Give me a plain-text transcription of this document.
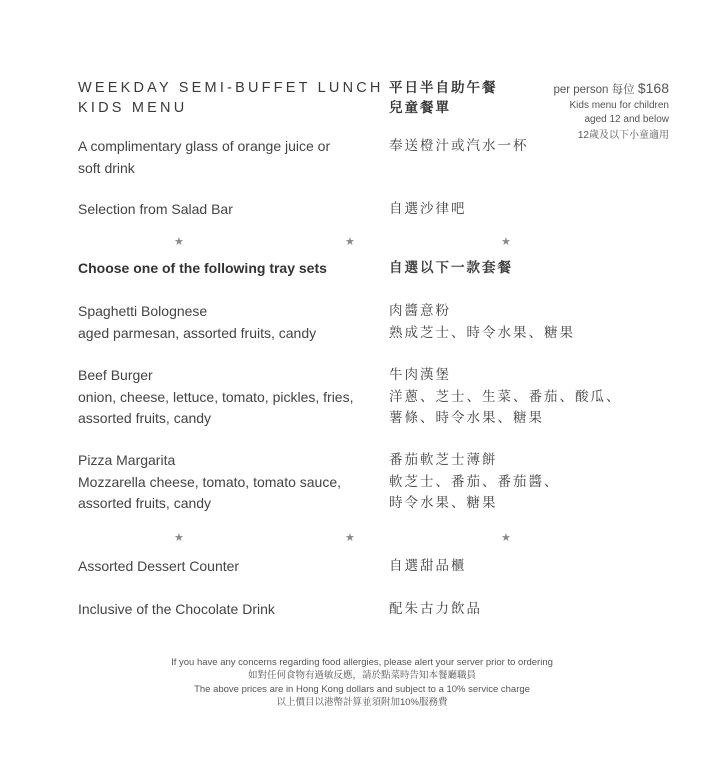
WEEKDAY SEMI-BUFFET LUNCH
KIDS MENU
平日半自助午餐
兒童餐單
per person 每位 $168
Kids menu for children
aged 12 and below
12歲及以下小童適用
A complimentary glass of orange juice or
soft drink
奉送橙汁或汽水一杯
Selection from Salad Bar	自選沙律吧
★	★	★
Choose one of the following tray sets	自選以下一款套餐
Spaghetti Bolognese
aged parmesan, assorted fruits, candy
肉醬意粉
熟成芝士、時令水果、糖果
Beef Burger
onion, cheese, lettuce, tomato, pickles, fries,
assorted fruits, candy
牛肉漢堡
洋蔥、芝士、生菜、番茄、酸瓜、
薯條、時令水果、糖果
Pizza Margarita
Mozzarella cheese, tomato, tomato sauce,
assorted fruits, candy
番茄軟芝士薄餅
軟芝士、番茄、番茄醬、
時令水果、糖果
★	★	★
Assorted Dessert Counter	自選甜品櫃
Inclusive of the Chocolate Drink	配朱古力飲品
If you have any concerns regarding food allergies, please alert your server prior to ordering
如對任何食物有過敏反應，請於點菜時告知本餐廳職員
The above prices are in Hong Kong dollars and subject to a 10% service charge
以上價目以港幣計算並須附加10%服務費
